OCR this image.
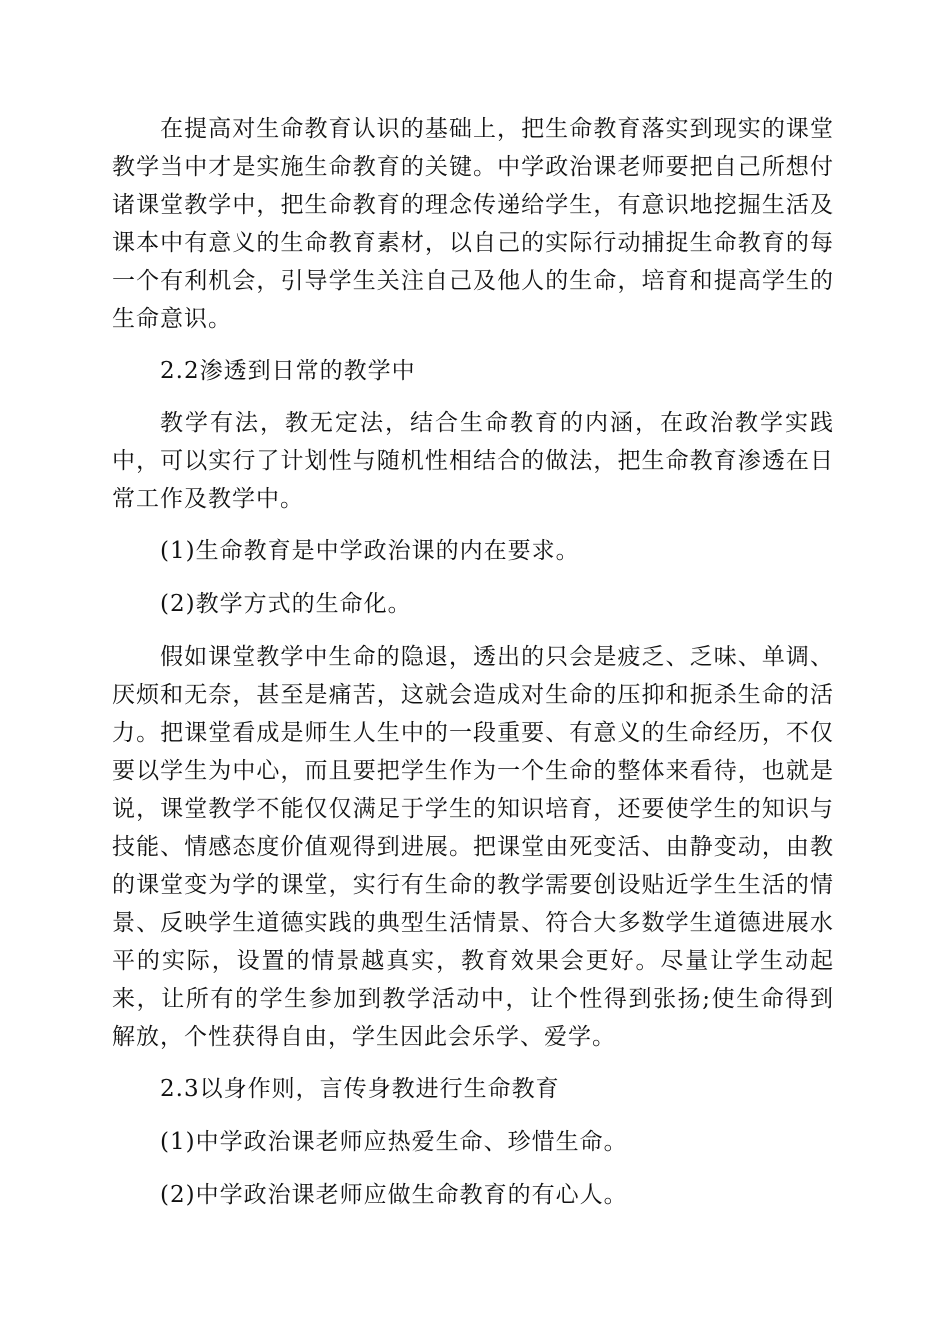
在提高对生命教育认识的基础上，把生命教育落实到现实的课堂教学当中才是实施生命教育的关键。中学政治课老师要把自己所想付诸课堂教学中，把生命教育的理念传递给学生，有意识地挖掘生活及课本中有意义的生命教育素材，以自己的实际行动捕捉生命教育的每一个有利机会，引导学生关注自己及他人的生命，培育和提高学生的生命意识。

2.2渗透到日常的教学中

教学有法，教无定法，结合生命教育的内涵，在政治教学实践中，可以实行了计划性与随机性相结合的做法，把生命教育渗透在日常工作及教学中。

(1)生命教育是中学政治课的内在要求。

(2)教学方式的生命化。

假如课堂教学中生命的隐退，透出的只会是疲乏、乏味、单调、厌烦和无奈，甚至是痛苦，这就会造成对生命的压抑和扼杀生命的活力。把课堂看成是师生人生中的一段重要、有意义的生命经历，不仅要以学生为中心，而且要把学生作为一个生命的整体来看待，也就是说，课堂教学不能仅仅满足于学生的知识培育，还要使学生的知识与技能、情感态度价值观得到进展。把课堂由死变活、由静变动，由教的课堂变为学的课堂，实行有生命的教学需要创设贴近学生生活的情景、反映学生道德实践的典型生活情景、符合大多数学生道德进展水平的实际，设置的情景越真实，教育效果会更好。尽量让学生动起来，让所有的学生参加到教学活动中，让个性得到张扬;使生命得到解放，个性获得自由，学生因此会乐学、爱学。

2.3以身作则，言传身教进行生命教育

(1)中学政治课老师应热爱生命、珍惜生命。

(2)中学政治课老师应做生命教育的有心人。
